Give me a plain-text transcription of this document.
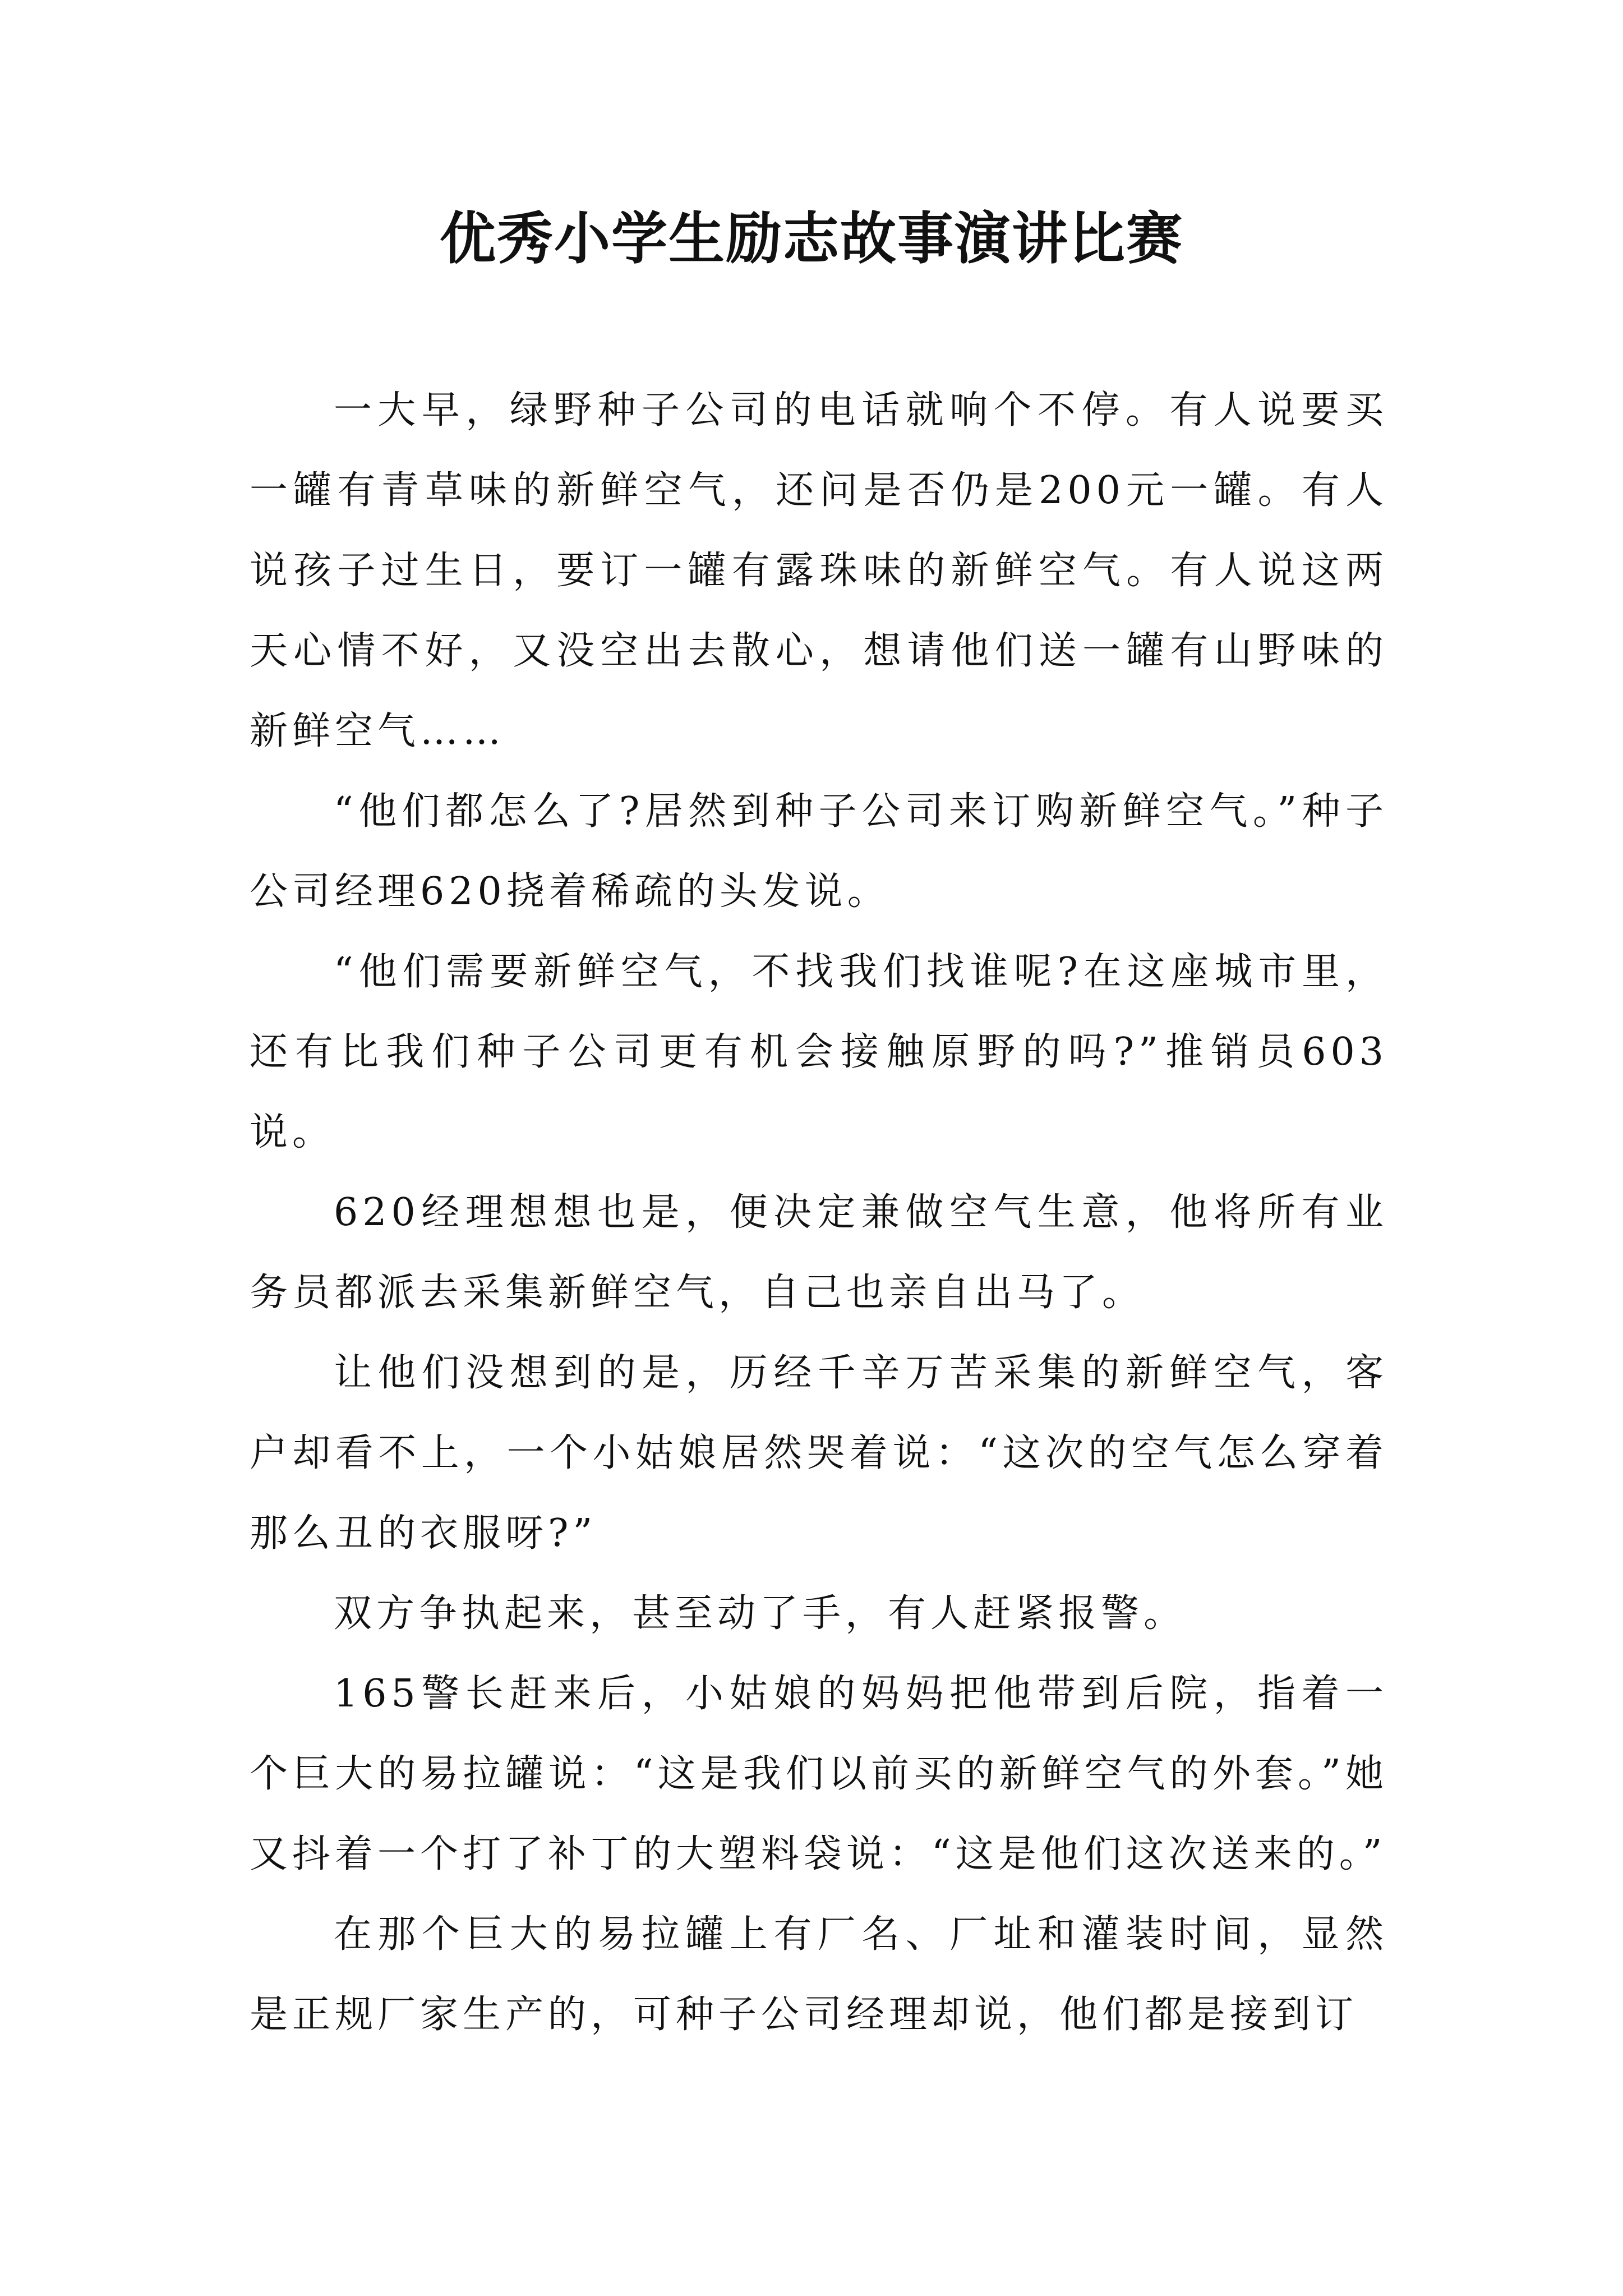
优秀小学生励志故事演讲比赛

一大早，绿野种子公司的电话就响个不停。有人说要买一罐有青草味的新鲜空气，还问是否仍是200元一罐。有人说孩子过生日，要订一罐有露珠味的新鲜空气。有人说这两天心情不好，又没空出去散心，想请他们送一罐有山野味的新鲜空气……

“他们都怎么了?居然到种子公司来订购新鲜空气。”种子公司经理620挠着稀疏的头发说。

“他们需要新鲜空气，不找我们找谁呢?在这座城市里，还有比我们种子公司更有机会接触原野的吗?”推销员603说。

620经理想想也是，便决定兼做空气生意，他将所有业务员都派去采集新鲜空气，自己也亲自出马了。

让他们没想到的是，历经千辛万苦采集的新鲜空气，客户却看不上，一个小姑娘居然哭着说：“这次的空气怎么穿着那么丑的衣服呀?”

双方争执起来，甚至动了手，有人赶紧报警。

165警长赶来后，小姑娘的妈妈把他带到后院，指着一个巨大的易拉罐说：“这是我们以前买的新鲜空气的外套。”她又抖着一个打了补丁的大塑料袋说：“这是他们这次送来的。”

在那个巨大的易拉罐上有厂名、厂址和灌装时间，显然是正规厂家生产的，可种子公司经理却说，他们都是接到订
